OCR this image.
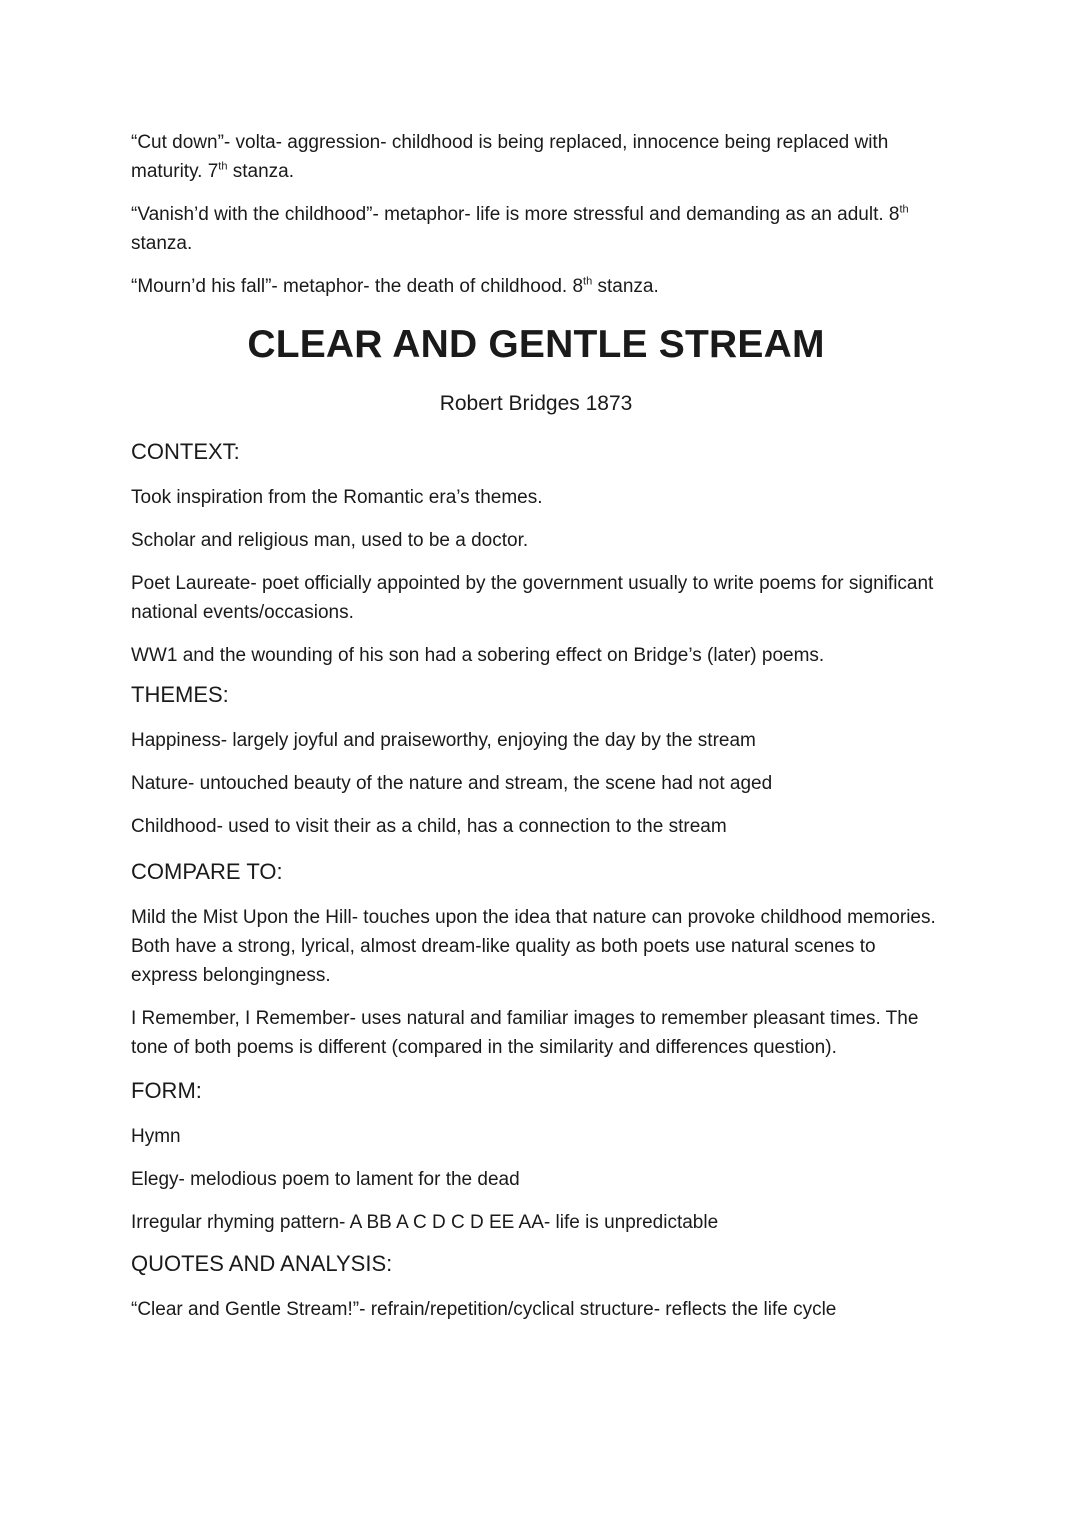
“Cut down”- volta- aggression- childhood is being replaced, innocence being replaced with maturity. 7th stanza.

“Vanish’d with the childhood”- metaphor- life is more stressful and demanding as an adult. 8th stanza.

“Mourn’d his fall”- metaphor- the death of childhood. 8th stanza.

CLEAR AND GENTLE STREAM
Robert Bridges 1873
CONTEXT:

Took inspiration from the Romantic era’s themes.

Scholar and religious man, used to be a doctor.

Poet Laureate- poet officially appointed by the government usually to write poems for significant national events/occasions.

WW1 and the wounding of his son had a sobering effect on Bridge’s (later) poems.

THEMES:

Happiness- largely joyful and praiseworthy, enjoying the day by the stream

Nature- untouched beauty of the nature and stream, the scene had not aged

Childhood- used to visit their as a child, has a connection to the stream

COMPARE TO:

Mild the Mist Upon the Hill- touches upon the idea that nature can provoke childhood memories. Both have a strong, lyrical, almost dream-like quality as both poets use natural scenes to express belongingness.

I Remember, I Remember- uses natural and familiar images to remember pleasant times. The tone of both poems is different (compared in the similarity and differences question).

FORM:

Hymn

Elegy- melodious poem to lament for the dead

Irregular rhyming pattern- A BB A C D C D EE AA- life is unpredictable

QUOTES AND ANALYSIS:

“Clear and Gentle Stream!”- refrain/repetition/cyclical structure- reflects the life cycle
